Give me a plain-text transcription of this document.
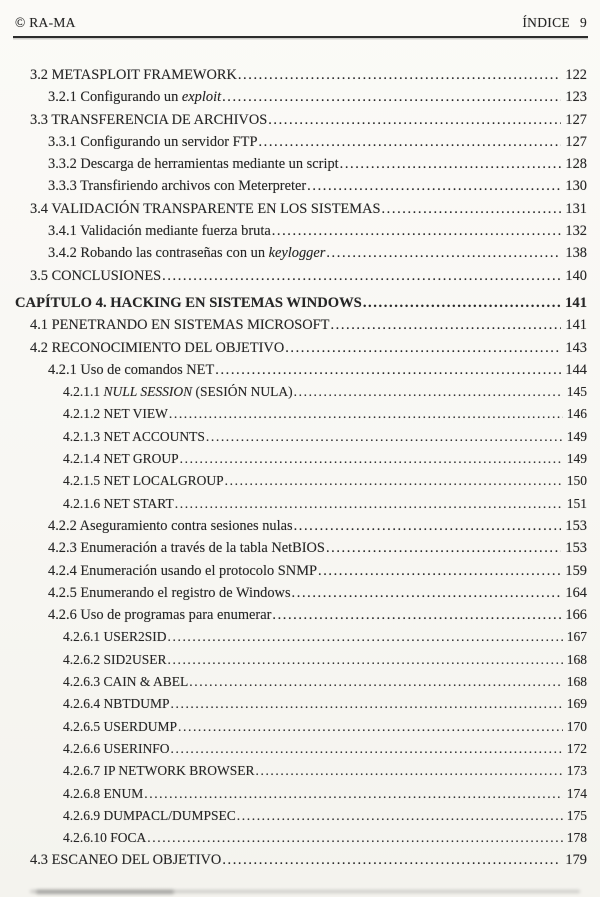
© RA-MA	ÍNDICE 9
3.2 METASPLOIT FRAMEWORK .....	122
3.2.1 Configurando un exploit .....	123
3.3 TRANSFERENCIA DE ARCHIVOS .....	127
3.3.1 Configurando un servidor FTP .....	127
3.3.2 Descarga de herramientas mediante un script .....	128
3.3.3 Transfiriendo archivos con Meterpreter .....	130
3.4 VALIDACIÓN TRANSPARENTE EN LOS SISTEMAS .....	131
3.4.1 Validación mediante fuerza bruta .....	132
3.4.2 Robando las contraseñas con un keylogger .....	138
3.5 CONCLUSIONES .....	140
CAPÍTULO 4. HACKING EN SISTEMAS WINDOWS .....	141
4.1 PENETRANDO EN SISTEMAS MICROSOFT .....	141
4.2 RECONOCIMIENTO DEL OBJETIVO .....	143
4.2.1 Uso de comandos NET .....	144
4.2.1.1 NULL SESSION (SESIÓN NULA) .....	145
4.2.1.2 NET VIEW .....	146
4.2.1.3 NET ACCOUNTS .....	149
4.2.1.4 NET GROUP .....	149
4.2.1.5 NET LOCALGROUP .....	150
4.2.1.6 NET START .....	151
4.2.2 Aseguramiento contra sesiones nulas .....	153
4.2.3 Enumeración a través de la tabla NetBIOS .....	153
4.2.4 Enumeración usando el protocolo SNMP .....	159
4.2.5 Enumerando el registro de Windows .....	164
4.2.6 Uso de programas para enumerar .....	166
4.2.6.1 USER2SID .....	167
4.2.6.2 SID2USER .....	168
4.2.6.3 CAIN & ABEL .....	168
4.2.6.4 NBTDUMP .....	169
4.2.6.5 USERDUMP .....	170
4.2.6.6 USERINFO .....	172
4.2.6.7 IP NETWORK BROWSER .....	173
4.2.6.8 ENUM .....	174
4.2.6.9 DUMPACL/DUMPSEC .....	175
4.2.6.10 FOCA .....	178
4.3 ESCANEO DEL OBJETIVO .....	179
